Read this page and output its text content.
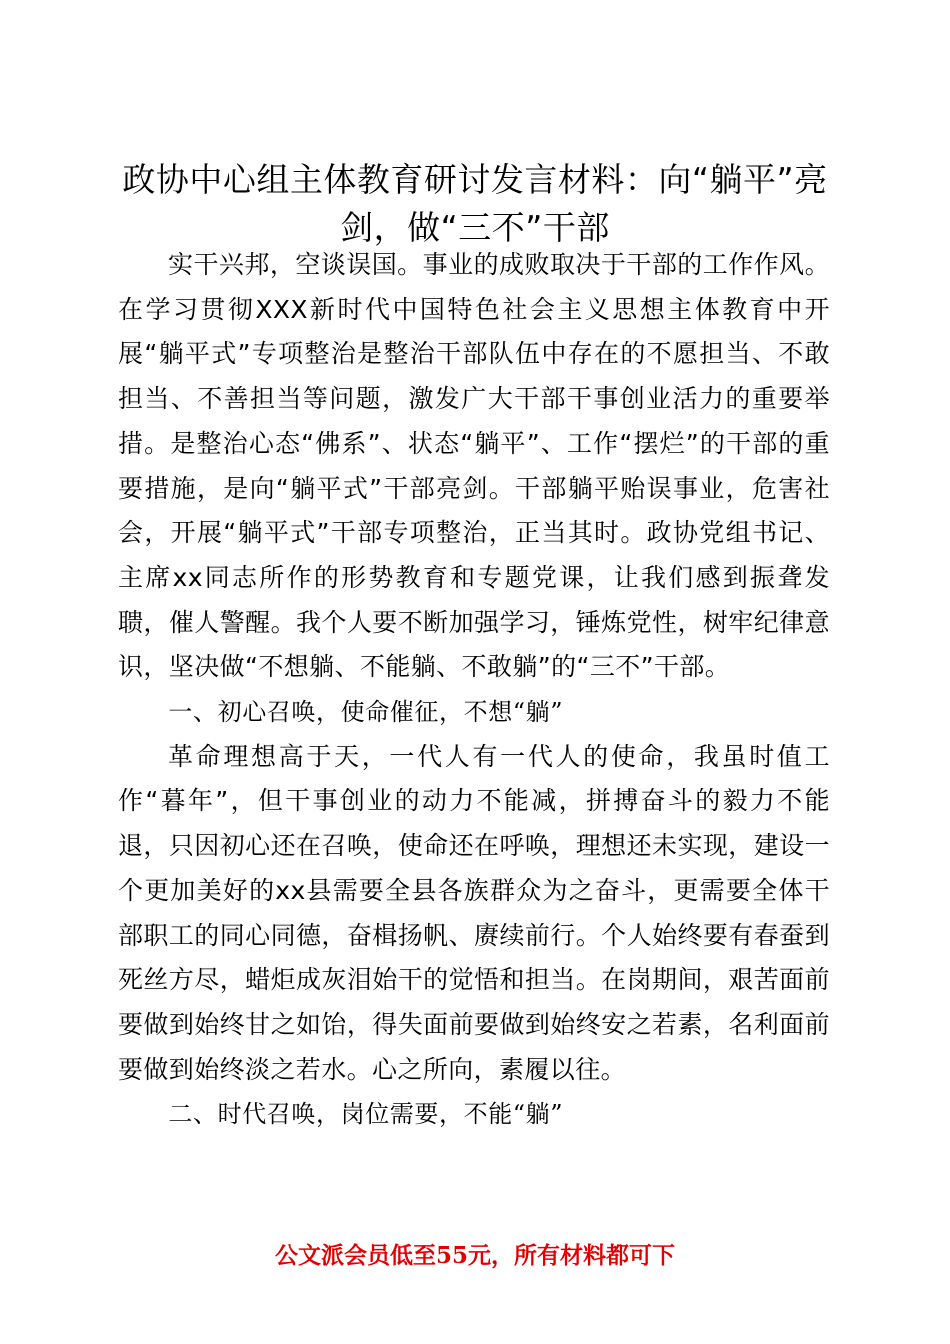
政协中心组主体教育研讨发言材料：向“躺平”亮剑，做“三不”干部

实干兴邦，空谈误国。事业的成败取决于干部的工作作风。在学习贯彻XXX新时代中国特色社会主义思想主体教育中开展“躺平式”专项整治是整治干部队伍中存在的不愿担当、不敢担当、不善担当等问题，激发广大干部干事创业活力的重要举措。是整治心态“佛系”、状态“躺平”、工作“摆烂”的干部的重要措施，是向“躺平式”干部亮剑。干部躺平贻误事业，危害社会，开展“躺平式”干部专项整治，正当其时。政协党组书记、主席xx同志所作的形势教育和专题党课，让我们感到振聋发聩，催人警醒。我个人要不断加强学习，锤炼党性，树牢纪律意识，坚决做“不想躺、不能躺、不敢躺”的“三不”干部。

一、初心召唤，使命催征，不想“躺”

革命理想高于天，一代人有一代人的使命，我虽时值工作“暮年”，但干事创业的动力不能减，拼搏奋斗的毅力不能退，只因初心还在召唤，使命还在呼唤，理想还未实现，建设一个更加美好的xx县需要全县各族群众为之奋斗，更需要全体干部职工的同心同德，奋楫扬帆、赓续前行。个人始终要有春蚕到死丝方尽，蜡炬成灰泪始干的觉悟和担当。在岗期间，艰苦面前要做到始终甘之如饴，得失面前要做到始终安之若素，名利面前要做到始终淡之若水。心之所向，素履以往。

二、时代召唤，岗位需要，不能“躺”

公文派会员低至55元，所有材料都可下
